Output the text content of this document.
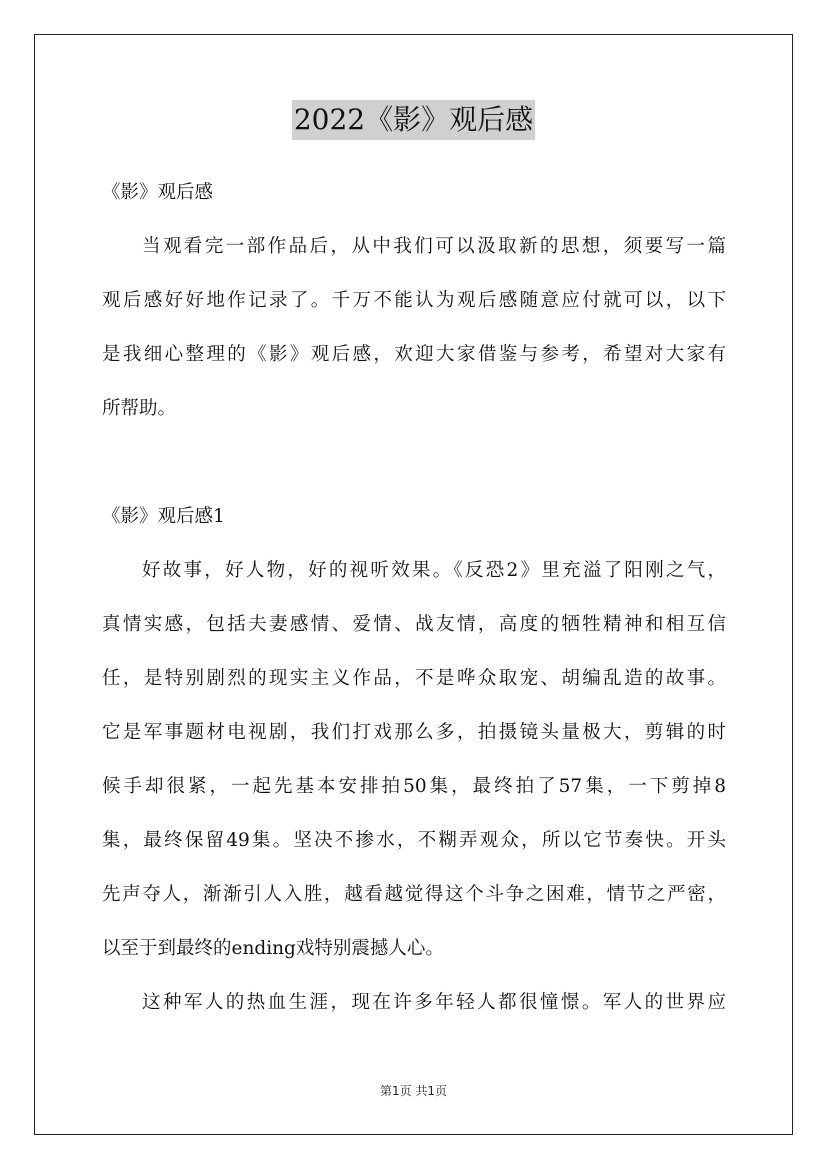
2022《影》观后感
《影》观后感
当观看完一部作品后，从中我们可以汲取新的思想，须要写一篇
观后感好好地作记录了。千万不能认为观后感随意应付就可以，以下
是我细心整理的《影》观后感，欢迎大家借鉴与参考，希望对大家有
所帮助。
《影》观后感1
好故事，好人物，好的视听效果。《反恐2》里充溢了阳刚之气，
真情实感，包括夫妻感情、爱情、战友情，高度的牺牲精神和相互信
任，是特别剧烈的现实主义作品，不是哗众取宠、胡编乱造的故事。
它是军事题材电视剧，我们打戏那么多，拍摄镜头量极大，剪辑的时
候手却很紧，一起先基本安排拍50集，最终拍了57集，一下剪掉8
集，最终保留49集。坚决不掺水，不糊弄观众，所以它节奏快。开头
先声夺人，渐渐引人入胜，越看越觉得这个斗争之困难，情节之严密，
以至于到最终的ending戏特别震撼人心。
这种军人的热血生涯，现在许多年轻人都很憧憬。军人的世界应
第1页 共1页
